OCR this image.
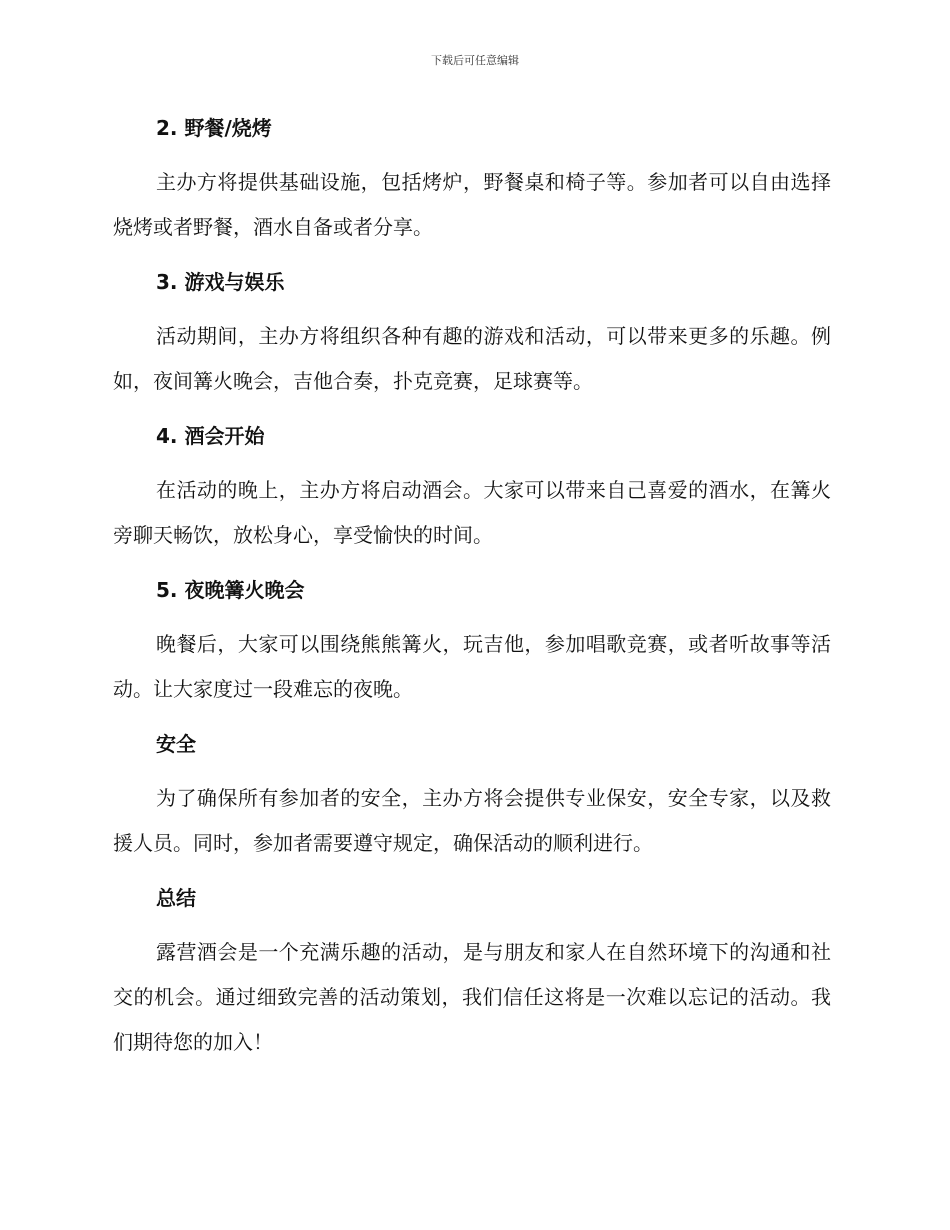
下载后可任意编辑
2. 野餐/烧烤
主办方将提供基础设施，包括烤炉，野餐桌和椅子等。参加者可以自由选择烧烤或者野餐，酒水自备或者分享。
3. 游戏与娱乐
活动期间，主办方将组织各种有趣的游戏和活动，可以带来更多的乐趣。例如，夜间篝火晚会，吉他合奏，扑克竞赛，足球赛等。
4. 酒会开始
在活动的晚上，主办方将启动酒会。大家可以带来自己喜爱的酒水，在篝火旁聊天畅饮，放松身心，享受愉快的时间。
5. 夜晚篝火晚会
晚餐后，大家可以围绕熊熊篝火，玩吉他，参加唱歌竞赛，或者听故事等活动。让大家度过一段难忘的夜晚。
安全
为了确保所有参加者的安全，主办方将会提供专业保安，安全专家，以及救援人员。同时，参加者需要遵守规定，确保活动的顺利进行。
总结
露营酒会是一个充满乐趣的活动，是与朋友和家人在自然环境下的沟通和社交的机会。通过细致完善的活动策划，我们信任这将是一次难以忘记的活动。我们期待您的加入！
